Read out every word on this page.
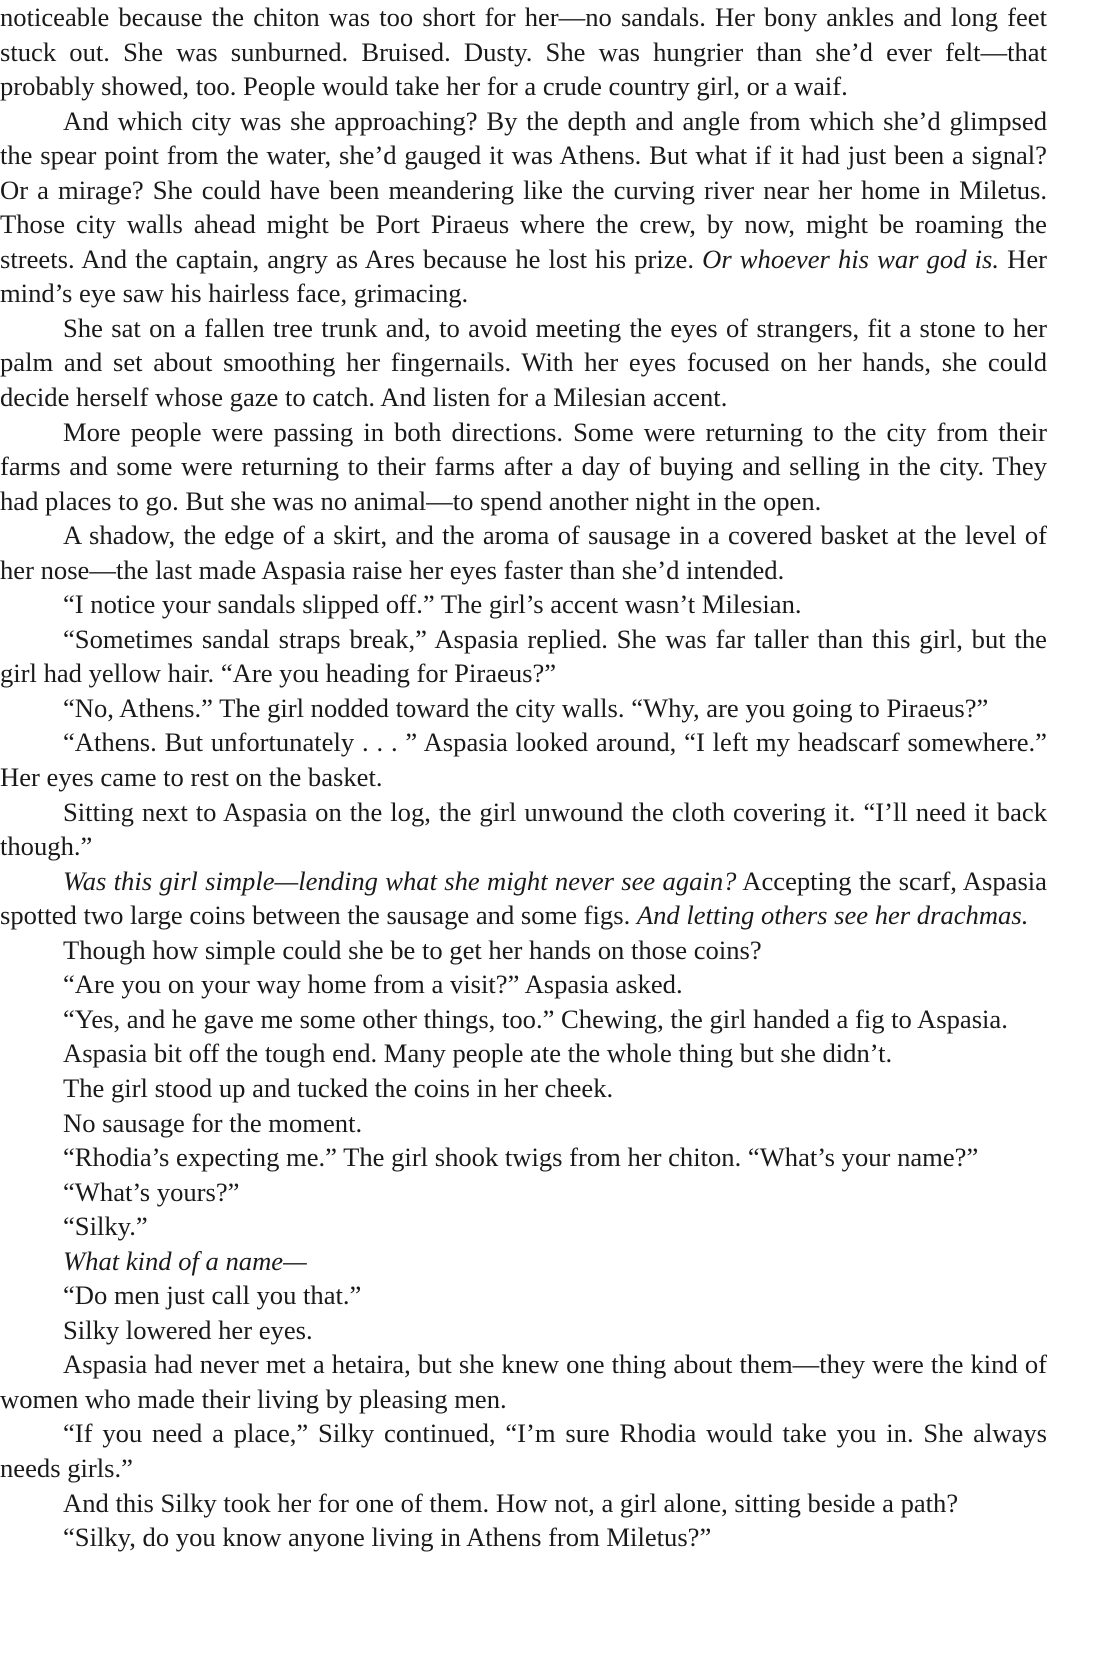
noticeable because the chiton was too short for her—no sandals. Her bony ankles and long feet stuck out. She was sunburned. Bruised. Dusty. She was hungrier than she’d ever felt—that probably showed, too. People would take her for a crude country girl, or a waif.

And which city was she approaching? By the depth and angle from which she’d glimpsed the spear point from the water, she’d gauged it was Athens. But what if it had just been a signal? Or a mirage? She could have been meandering like the curving river near her home in Miletus. Those city walls ahead might be Port Piraeus where the crew, by now, might be roaming the streets. And the captain, angry as Ares because he lost his prize. Or whoever his war god is. Her mind’s eye saw his hairless face, grimacing.

She sat on a fallen tree trunk and, to avoid meeting the eyes of strangers, fit a stone to her palm and set about smoothing her fingernails. With her eyes focused on her hands, she could decide herself whose gaze to catch. And listen for a Milesian accent.

More people were passing in both directions. Some were returning to the city from their farms and some were returning to their farms after a day of buying and selling in the city. They had places to go. But she was no animal—to spend another night in the open.

A shadow, the edge of a skirt, and the aroma of sausage in a covered basket at the level of her nose—the last made Aspasia raise her eyes faster than she’d intended.

“I notice your sandals slipped off.” The girl’s accent wasn’t Milesian.

“Sometimes sandal straps break,” Aspasia replied. She was far taller than this girl, but the girl had yellow hair. “Are you heading for Piraeus?”

“No, Athens.” The girl nodded toward the city walls. “Why, are you going to Piraeus?”

“Athens. But unfortunately . . . ” Aspasia looked around, “I left my headscarf somewhere.” Her eyes came to rest on the basket.

Sitting next to Aspasia on the log, the girl unwound the cloth covering it. “I’ll need it back though.”

Was this girl simple—lending what she might never see again? Accepting the scarf, Aspasia spotted two large coins between the sausage and some figs. And letting others see her drachmas.

Though how simple could she be to get her hands on those coins?

“Are you on your way home from a visit?” Aspasia asked.

“Yes, and he gave me some other things, too.” Chewing, the girl handed a fig to Aspasia.

Aspasia bit off the tough end. Many people ate the whole thing but she didn’t.

The girl stood up and tucked the coins in her cheek.

No sausage for the moment.

“Rhodia’s expecting me.” The girl shook twigs from her chiton. “What’s your name?”

“What’s yours?”

“Silky.”

What kind of a name—

“Do men just call you that.”

Silky lowered her eyes.

Aspasia had never met a hetaira, but she knew one thing about them—they were the kind of women who made their living by pleasing men.

“If you need a place,” Silky continued, “I’m sure Rhodia would take you in. She always needs girls.”

And this Silky took her for one of them. How not, a girl alone, sitting beside a path?

“Silky, do you know anyone living in Athens from Miletus?”
